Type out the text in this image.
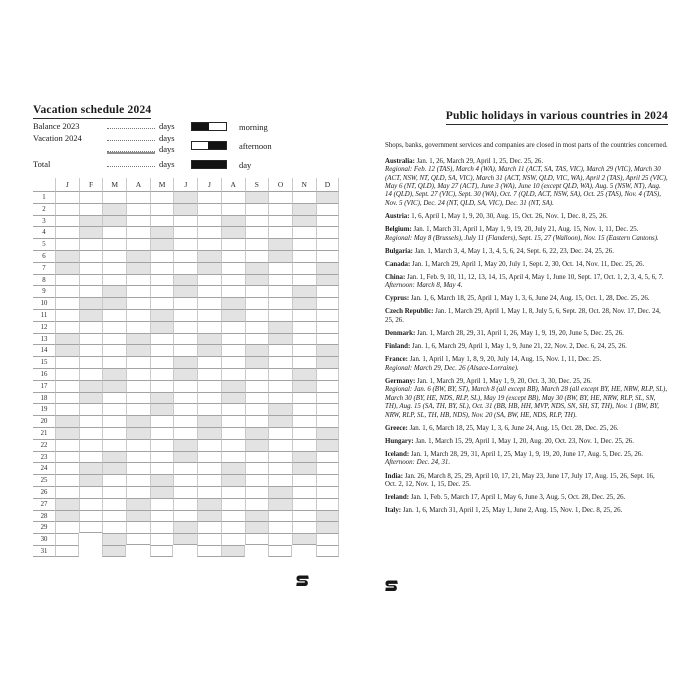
Vacation schedule 2024
Balance 2023	days
Vacation 2024	days
days
Total	days
morning
afternoon
day
J	F	M	A	M	J	J	A	S	O	N	D
1
2
3
4
5
6
7
8
9
10
11
12
13
14
15
16
17
18
19
20
21
22
23
24
25
26
27
28
29
30
31
Public holidays in various countries in 2024

Shops, banks, government services and companies are closed in most parts of the countries concerned.

Australia: Jan. 1, 26, March 29, April 1, 25, Dec. 25, 26.
Regional: Feb. 12 (TAS), March 4 (WA), March 11 (ACT, SA, TAS, VIC), March 29 (VIC), March 30 (ACT, NSW, NT, QLD, SA, VIC), March 31 (ACT, NSW, QLD, VIC, WA), April 2 (TAS), April 25 (VIC), May 6 (NT, QLD), May 27 (ACT), June 3 (WA), June 10 (except QLD, WA), Aug. 5 (NSW, NT), Aug. 14 (QLD), Sept. 27 (VIC), Sept. 30 (WA), Oct. 7 (QLD, ACT, NSW, SA), Oct. 25 (TAS), Nov. 4 (TAS), Nov. 5 (VIC), Dec. 24 (NT, QLD, SA, VIC), Dec. 31 (NT, SA).

Austria: 1, 6, April 1, May 1, 9, 20, 30, Aug. 15, Oct. 26, Nov. 1, Dec. 8, 25, 26.

Belgium: Jan. 1, March 31, April 1, May 1, 9, 19, 20, July 21, Aug. 15, Nov. 1, 11, Dec. 25.
Regional: May 8 (Brussels), July 11 (Flanders), Sept. 15, 27 (Walloon), Nov. 15 (Eastern Cantons).

Bulgaria: Jan. 1, March 3, 4, May 1, 3, 4, 5, 6, 24, Sept. 6, 22, 23, Dec. 24, 25, 26.

Canada: Jan. 1, March 29, April 1, May 20, July 1, Sept. 2, 30, Oct. 14, Nov. 11, Dec. 25, 26.

China: Jan. 1, Feb. 9, 10, 11, 12, 13, 14, 15, April 4, May 1, June 10, Sept. 17, Oct. 1, 2, 3, 4, 5, 6, 7.
Afternoon: March 8, May 4.

Cyprus: Jan. 1, 6, March 18, 25, April 1, May 1, 3, 6, June 24, Aug. 15, Oct. 1, 28, Dec. 25, 26.

Czech Republic: Jan. 1, March 29, April 1, May 1, 8, July 5, 6, Sept. 28, Oct. 28, Nov. 17, Dec. 24, 25, 26.

Denmark: Jan. 1, March 28, 29, 31, April 1, 26, May 1, 9, 19, 20, June 5, Dec. 25, 26.

Finland: Jan. 1, 6, March 29, April 1, May 1, 9, June 21, 22, Nov. 2, Dec. 6, 24, 25, 26.

France: Jan. 1, April 1, May 1, 8, 9, 20, July 14, Aug. 15, Nov. 1, 11, Dec. 25.
Regional: March 29, Dec. 26 (Alsace-Lorraine).

Germany: Jan. 1, March 29, April 1, May 1, 9, 20, Oct. 3, 30, Dec. 25, 26.
Regional: Jan. 6 (BW, BY, ST), March 8 (all except BB), March 28 (all except BY, HE, NRW, RLP, SL), March 30 (BY, HE, NDS, RLP, SL), May 19 (except BB), May 30 (BW, BY, HE, NRW, RLP, SL, SN, TH), Aug. 15 (SA, TH, BY, SL), Oct. 31 (BB, HB, HH, MVP, NDS, SN, SH, ST, TH), Nov. 1 (BW, BY, NRW, RLP, SL, TH, HB, NDS), Nov. 20 (SA, BW, HE, NDS, RLP, TH).

Greece: Jan. 1, 6, March 18, 25, May 1, 3, 6, June 24, Aug. 15, Oct. 28, Dec. 25, 26.

Hungary: Jan. 1, March 15, 29, April 1, May 1, 20, Aug. 20, Oct. 23, Nov. 1, Dec. 25, 26.

Iceland: Jan. 1, March 28, 29, 31, April 1, 25, May 1, 9, 19, 20, June 17, Aug. 5, Dec. 25, 26.
Afternoon: Dec. 24, 31.

India: Jan. 26, March 8, 25, 29, April 10, 17, 21, May 23, June 17, July 17, Aug. 15, 26, Sept. 16, Oct. 2, 12, Nov. 1, 15, Dec. 25.

Ireland: Jan. 1, Feb. 5, March 17, April 1, May 6, June 3, Aug. 5, Oct. 28, Dec. 25, 26.

Italy: Jan. 1, 6, March 31, April 1, 25, May 1, June 2, Aug. 15, Nov. 1, Dec. 8, 25, 26.
